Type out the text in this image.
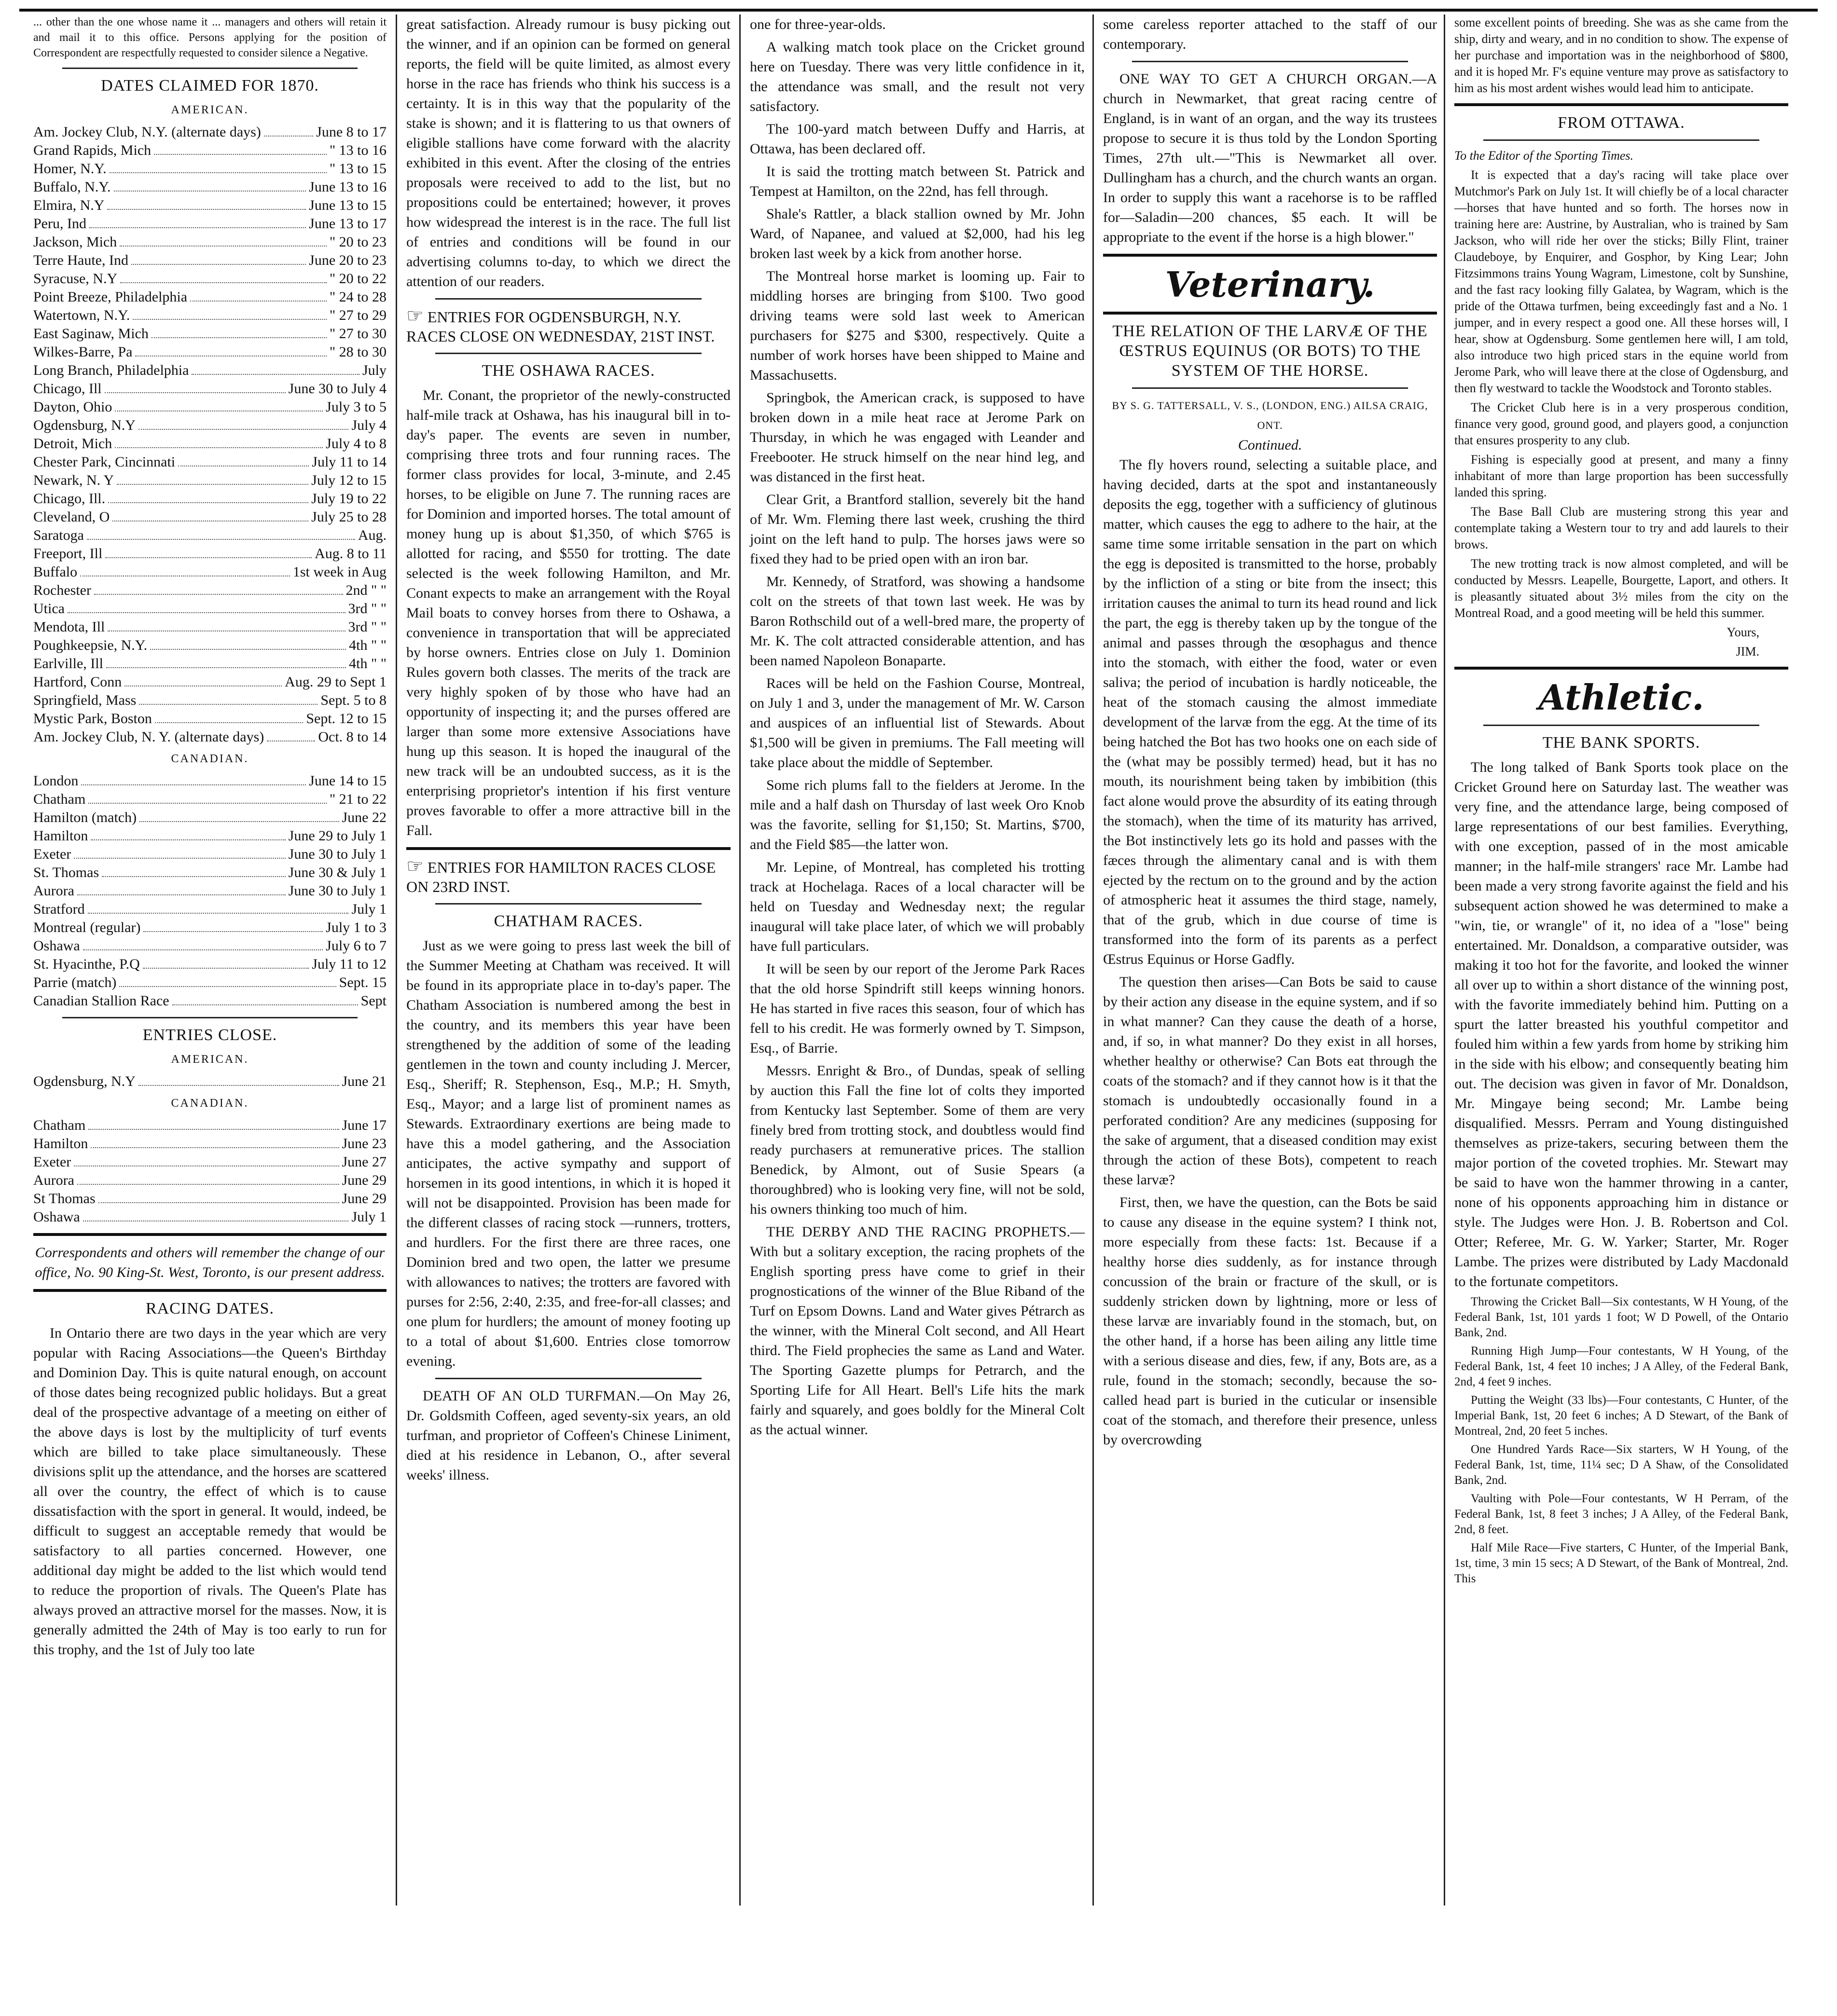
... other than the one whose name it ... managers and others will retain it and mail it to this office. Persons applying for the position of Correspondent are respectfully requested to consider silence a Negative.

DATES CLAIMED FOR 1870.
AMERICAN.
Am. Jockey Club, N.Y. (alternate days)	June 8 to 17
Grand Rapids, Mich	" 13 to 16
Homer, N.Y.	" 13 to 15
Buffalo, N.Y.	June 13 to 16
Elmira, N.Y	June 13 to 15
Peru, Ind	June 13 to 17
Jackson, Mich	" 20 to 23
Terre Haute, Ind	June 20 to 23
Syracuse, N.Y	" 20 to 22
Point Breeze, Philadelphia	" 24 to 28
Watertown, N.Y.	" 27 to 29
East Saginaw, Mich	" 27 to 30
Wilkes-Barre, Pa	" 28 to 30
Long Branch, Philadelphia	July
Chicago, Ill	June 30 to July 4
Dayton, Ohio	July 3 to 5
Ogdensburg, N.Y	July 4
Detroit, Mich	July 4 to 8
Chester Park, Cincinnati	July 11 to 14
Newark, N. Y	July 12 to 15
Chicago, Ill.	July 19 to 22
Cleveland, O	July 25 to 28
Saratoga	Aug.
Freeport, Ill	Aug. 8 to 11
Buffalo	1st week in Aug
Rochester	2nd " "
Utica	3rd " "
Mendota, Ill	3rd " "
Poughkeepsie, N.Y.	4th " "
Earlville, Ill	4th " "
Hartford, Conn	Aug. 29 to Sept 1
Springfield, Mass	Sept. 5 to 8
Mystic Park, Boston	Sept. 12 to 15
Am. Jockey Club, N. Y. (alternate days)	Oct. 8 to 14
CANADIAN.
London	June 14 to 15
Chatham	" 21 to 22
Hamilton (match)	June 22
Hamilton	June 29 to July 1
Exeter	June 30 to July 1
St. Thomas	June 30 & July 1
Aurora	June 30 to July 1
Stratford	July 1
Montreal (regular)	July 1 to 3
Oshawa	July 6 to 7
St. Hyacinthe, P.Q	July 11 to 12
Parrie (match)	Sept. 15
Canadian Stallion Race	Sept
ENTRIES CLOSE.
AMERICAN.
Ogdensburg, N.Y	June 21
CANADIAN.
Chatham	June 17
Hamilton	June 23
Exeter	June 27
Aurora	June 29
St Thomas	June 29
Oshawa	July 1

Correspondents and others will remember the change of our office, No. 90 King-St. West, Toronto, is our present address.

RACING DATES.

In Ontario there are two days in the year which are very popular with Racing Associations—the Queen's Birthday and Dominion Day. This is quite natural enough, on account of those dates being recognized public holidays. But a great deal of the prospective advantage of a meeting on either of the above days is lost by the multiplicity of turf events which are billed to take place simultaneously. These divisions split up the attendance, and the horses are scattered all over the country, the effect of which is to cause dissatisfaction with the sport in general. It would, indeed, be difficult to suggest an acceptable remedy that would be satisfactory to all parties concerned. However, one additional day might be added to the list which would tend to reduce the proportion of rivals. The Queen's Plate has always proved an attractive morsel for the masses. Now, it is generally admitted the 24th of May is too early to run for this trophy, and the 1st of July too late

great satisfaction. Already rumour is busy picking out the winner, and if an opinion can be formed on general reports, the field will be quite limited, as almost every horse in the race has friends who think his success is a certainty. It is in this way that the popularity of the stake is shown; and it is flattering to us that owners of eligible stallions have come forward with the alacrity exhibited in this event. After the closing of the entries proposals were received to add to the list, but no propositions could be entertained; however, it proves how widespread the interest is in the race. The full list of entries and conditions will be found in our advertising columns to-day, to which we direct the attention of our readers.

☞ ENTRIES FOR OGDENSBURGH, N.Y. RACES CLOSE ON WEDNESDAY, 21ST INST.
THE OSHAWA RACES.

Mr. Conant, the proprietor of the newly-constructed half-mile track at Oshawa, has his inaugural bill in to-day's paper. The events are seven in number, comprising three trots and four running races. The former class provides for local, 3-minute, and 2.45 horses, to be eligible on June 7. The running races are for Dominion and imported horses. The total amount of money hung up is about $1,350, of which $765 is allotted for racing, and $550 for trotting. The date selected is the week following Hamilton, and Mr. Conant expects to make an arrangement with the Royal Mail boats to convey horses from there to Oshawa, a convenience in transportation that will be appreciated by horse owners. Entries close on July 1. Dominion Rules govern both classes. The merits of the track are very highly spoken of by those who have had an opportunity of inspecting it; and the purses offered are larger than some more extensive Associations have hung up this season. It is hoped the inaugural of the new track will be an undoubted success, as it is the enterprising proprietor's intention if his first venture proves favorable to offer a more attractive bill in the Fall.

☞ ENTRIES FOR HAMILTON RACES CLOSE ON 23RD INST.
CHATHAM RACES.

Just as we were going to press last week the bill of the Summer Meeting at Chatham was received. It will be found in its appropriate place in to-day's paper. The Chatham Association is numbered among the best in the country, and its members this year have been strengthened by the addition of some of the leading gentlemen in the town and county including J. Mercer, Esq., Sheriff; R. Stephenson, Esq., M.P.; H. Smyth, Esq., Mayor; and a large list of prominent names as Stewards. Extraordinary exertions are being made to have this a model gathering, and the Association anticipates, the active sympathy and support of horsemen in its good intentions, in which it is hoped it will not be disappointed. Provision has been made for the different classes of racing stock —runners, trotters, and hurdlers. For the first there are three races, one Dominion bred and two open, the latter we presume with allowances to natives; the trotters are favored with purses for 2:56, 2:40, 2:35, and free-for-all classes; and one plum for hurdlers; the amount of money footing up to a total of about $1,600. Entries close tomorrow evening.

DEATH OF AN OLD TURFMAN.—On May 26, Dr. Goldsmith Coffeen, aged seventy-six years, an old turfman, and proprietor of Coffeen's Chinese Liniment, died at his residence in Lebanon, O., after several weeks' illness.

one for three-year-olds.

A walking match took place on the Cricket ground here on Tuesday. There was very little confidence in it, the attendance was small, and the result not very satisfactory.

The 100-yard match between Duffy and Harris, at Ottawa, has been declared off.

It is said the trotting match between St. Patrick and Tempest at Hamilton, on the 22nd, has fell through.

Shale's Rattler, a black stallion owned by Mr. John Ward, of Napanee, and valued at $2,000, had his leg broken last week by a kick from another horse.

The Montreal horse market is looming up. Fair to middling horses are bringing from $100. Two good driving teams were sold last week to American purchasers for $275 and $300, respectively. Quite a number of work horses have been shipped to Maine and Massachusetts.

Springbok, the American crack, is supposed to have broken down in a mile heat race at Jerome Park on Thursday, in which he was engaged with Leander and Freebooter. He struck himself on the near hind leg, and was distanced in the first heat.

Clear Grit, a Brantford stallion, severely bit the hand of Mr. Wm. Fleming there last week, crushing the third joint on the left hand to pulp. The horses jaws were so fixed they had to be pried open with an iron bar.

Mr. Kennedy, of Stratford, was showing a handsome colt on the streets of that town last week. He was by Baron Rothschild out of a well-bred mare, the property of Mr. K. The colt attracted considerable attention, and has been named Napoleon Bonaparte.

Races will be held on the Fashion Course, Montreal, on July 1 and 3, under the management of Mr. W. Carson and auspices of an influential list of Stewards. About $1,500 will be given in premiums. The Fall meeting will take place about the middle of September.

Some rich plums fall to the fielders at Jerome. In the mile and a half dash on Thursday of last week Oro Knob was the favorite, selling for $1,150; St. Martins, $700, and the Field $85—the latter won.

Mr. Lepine, of Montreal, has completed his trotting track at Hochelaga. Races of a local character will be held on Tuesday and Wednesday next; the regular inaugural will take place later, of which we will probably have full particulars.

It will be seen by our report of the Jerome Park Races that the old horse Spindrift still keeps winning honors. He has started in five races this season, four of which has fell to his credit. He was formerly owned by T. Simpson, Esq., of Barrie.

Messrs. Enright & Bro., of Dundas, speak of selling by auction this Fall the fine lot of colts they imported from Kentucky last September. Some of them are very finely bred from trotting stock, and doubtless would find ready purchasers at remunerative prices. The stallion Benedick, by Almont, out of Susie Spears (a thoroughbred) who is looking very fine, will not be sold, his owners thinking too much of him.

THE DERBY AND THE RACING PROPHETS.—With but a solitary exception, the racing prophets of the English sporting press have come to grief in their prognostications of the winner of the Blue Riband of the Turf on Epsom Downs. Land and Water gives Pétrarch as the winner, with the Mineral Colt second, and All Heart third. The Field prophecies the same as Land and Water. The Sporting Gazette plumps for Petrarch, and the Sporting Life for All Heart. Bell's Life hits the mark fairly and squarely, and goes boldly for the Mineral Colt as the actual winner.

some careless reporter attached to the staff of our contemporary.

ONE WAY TO GET A CHURCH ORGAN.—A church in Newmarket, that great racing centre of England, is in want of an organ, and the way its trustees propose to secure it is thus told by the London Sporting Times, 27th ult.—"This is Newmarket all over. Dullingham has a church, and the church wants an organ. In order to supply this want a racehorse is to be raffled for—Saladin—200 chances, $5 each. It will be appropriate to the event if the horse is a high blower."

Veterinary.
THE RELATION OF THE LARVÆ OF THE ŒSTRUS EQUINUS (OR BOTS) TO THE SYSTEM OF THE HORSE.
BY S. G. TATTERSALL, V. S., (LONDON, ENG.) AILSA CRAIG, ONT.
Continued.

The fly hovers round, selecting a suitable place, and having decided, darts at the spot and instantaneously deposits the egg, together with a sufficiency of glutinous matter, which causes the egg to adhere to the hair, at the same time some irritable sensation in the part on which the egg is deposited is transmitted to the horse, probably by the infliction of a sting or bite from the insect; this irritation causes the animal to turn its head round and lick the part, the egg is thereby taken up by the tongue of the animal and passes through the œsophagus and thence into the stomach, with either the food, water or even saliva; the period of incubation is hardly noticeable, the heat of the stomach causing the almost immediate development of the larvæ from the egg. At the time of its being hatched the Bot has two hooks one on each side of the (what may be possibly termed) head, but it has no mouth, its nourishment being taken by imbibition (this fact alone would prove the absurdity of its eating through the stomach), when the time of its maturity has arrived, the Bot instinctively lets go its hold and passes with the fæces through the alimentary canal and is with them ejected by the rectum on to the ground and by the action of atmospheric heat it assumes the third stage, namely, that of the grub, which in due course of time is transformed into the form of its parents as a perfect Œstrus Equinus or Horse Gadfly.

The question then arises—Can Bots be said to cause by their action any disease in the equine system, and if so in what manner? Can they cause the death of a horse, and, if so, in what manner? Do they exist in all horses, whether healthy or otherwise? Can Bots eat through the coats of the stomach? and if they cannot how is it that the stomach is undoubtedly occasionally found in a perforated condition? Are any medicines (supposing for the sake of argument, that a diseased condition may exist through the action of these Bots), competent to reach these larvæ?

First, then, we have the question, can the Bots be said to cause any disease in the equine system? I think not, more especially from these facts: 1st. Because if a healthy horse dies suddenly, as for instance through concussion of the brain or fracture of the skull, or is suddenly stricken down by lightning, more or less of these larvæ are invariably found in the stomach, but, on the other hand, if a horse has been ailing any little time with a serious disease and dies, few, if any, Bots are, as a rule, found in the stomach; secondly, because the so-called head part is buried in the cuticular or insensible coat of the stomach, and therefore their presence, unless by overcrowding

some excellent points of breeding. She was as she came from the ship, dirty and weary, and in no condition to show. The expense of her purchase and importation was in the neighborhood of $800, and it is hoped Mr. F's equine venture may prove as satisfactory to him as his most ardent wishes would lead him to anticipate.

FROM OTTAWA.

To the Editor of the Sporting Times.

It is expected that a day's racing will take place over Mutchmor's Park on July 1st. It will chiefly be of a local character—horses that have hunted and so forth. The horses now in training here are: Austrine, by Australian, who is trained by Sam Jackson, who will ride her over the sticks; Billy Flint, trainer Claudeboye, by Enquirer, and Gosphor, by King Lear; John Fitzsimmons trains Young Wagram, Limestone, colt by Sunshine, and the fast racy looking filly Galatea, by Wagram, which is the pride of the Ottawa turfmen, being exceedingly fast and a No. 1 jumper, and in every respect a good one. All these horses will, I hear, show at Ogdensburg. Some gentlemen here will, I am told, also introduce two high priced stars in the equine world from Jerome Park, who will leave there at the close of Ogdensburg, and then fly westward to tackle the Woodstock and Toronto stables.

The Cricket Club here is in a very prosperous condition, finance very good, ground good, and players good, a conjunction that ensures prosperity to any club.

Fishing is especially good at present, and many a finny inhabitant of more than large proportion has been successfully landed this spring.

The Base Ball Club are mustering strong this year and contemplate taking a Western tour to try and add laurels to their brows.

The new trotting track is now almost completed, and will be conducted by Messrs. Leapelle, Bourgette, Laport, and others. It is pleasantly situated about 3½ miles from the city on the Montreal Road, and a good meeting will be held this summer.

Yours,

JIM.

Athletic.
THE BANK SPORTS.

The long talked of Bank Sports took place on the Cricket Ground here on Saturday last. The weather was very fine, and the attendance large, being composed of large representations of our best families. Everything, with one exception, passed of in the most amicable manner; in the half-mile strangers' race Mr. Lambe had been made a very strong favorite against the field and his subsequent action showed he was determined to make a "win, tie, or wrangle" of it, no idea of a "lose" being entertained. Mr. Donaldson, a comparative outsider, was making it too hot for the favorite, and looked the winner all over up to within a short distance of the winning post, with the favorite immediately behind him. Putting on a spurt the latter breasted his youthful competitor and fouled him within a few yards from home by striking him in the side with his elbow; and consequently beating him out. The decision was given in favor of Mr. Donaldson, Mr. Mingaye being second; Mr. Lambe being disqualified. Messrs. Perram and Young distinguished themselves as prize-takers, securing between them the major portion of the coveted trophies. Mr. Stewart may be said to have won the hammer throwing in a canter, none of his opponents approaching him in distance or style. The Judges were Hon. J. B. Robertson and Col. Otter; Referee, Mr. G. W. Yarker; Starter, Mr. Roger Lambe. The prizes were distributed by Lady Macdonald to the fortunate competitors.

Throwing the Cricket Ball—Six contestants, W H Young, of the Federal Bank, 1st, 101 yards 1 foot; W D Powell, of the Ontario Bank, 2nd.

Running High Jump—Four contestants, W H Young, of the Federal Bank, 1st, 4 feet 10 inches; J A Alley, of the Federal Bank, 2nd, 4 feet 9 inches.

Putting the Weight (33 lbs)—Four contestants, C Hunter, of the Imperial Bank, 1st, 20 feet 6 inches; A D Stewart, of the Bank of Montreal, 2nd, 20 feet 5 inches.

One Hundred Yards Race—Six starters, W H Young, of the Federal Bank, 1st, time, 11¼ sec; D A Shaw, of the Consolidated Bank, 2nd.

Vaulting with Pole—Four contestants, W H Perram, of the Federal Bank, 1st, 8 feet 3 inches; J A Alley, of the Federal Bank, 2nd, 8 feet.

Half Mile Race—Five starters, C Hunter, of the Imperial Bank, 1st, time, 3 min 15 secs; A D Stewart, of the Bank of Montreal, 2nd. This
